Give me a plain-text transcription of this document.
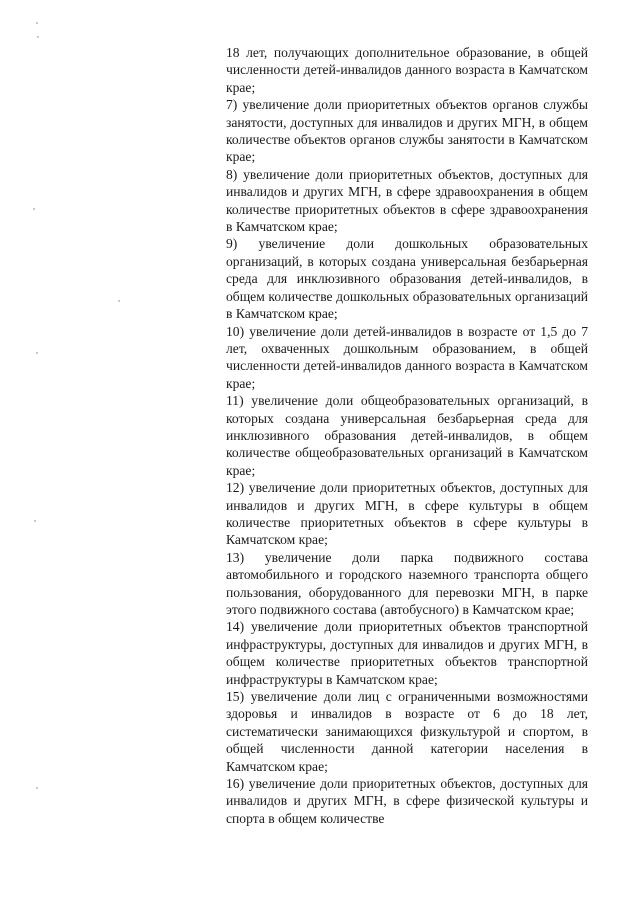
18 лет, получающих дополнительное образование, в общей численности детей-инвалидов данного возраста в Камчатском крае;

7) увеличение доли приоритетных объектов органов службы занятости, доступных для инвалидов и других МГН, в общем количестве объектов органов службы занятости в Камчатском крае;

8) увеличение доли приоритетных объектов, доступных для инвалидов и других МГН, в сфере здравоохранения в общем количестве приоритетных объектов в сфере здравоохранения в Камчатском крае;

9) увеличение доли дошкольных образовательных организаций, в которых создана универсальная безбарьерная среда для инклюзивного образования детей-инвалидов, в общем количестве дошкольных образовательных организаций в Камчатском крае;

10) увеличение доли детей-инвалидов в возрасте от 1,5 до 7 лет, охваченных дошкольным образованием, в общей численности детей-инвалидов данного возраста в Камчатском крае;

11) увеличение доли общеобразовательных организаций, в которых создана универсальная безбарьерная среда для инклюзивного образования детей-инвалидов, в общем количестве общеобразовательных организаций в Камчатском крае;

12) увеличение доли приоритетных объектов, доступных для инвалидов и других МГН, в сфере культуры в общем количестве приоритетных объектов в сфере культуры в Камчатском крае;

13) увеличение доли парка подвижного состава автомобильного и городского наземного транспорта общего пользования, оборудованного для перевозки МГН, в парке этого подвижного состава (автобусного) в Камчатском крае;

14) увеличение доли приоритетных объектов транспортной инфраструктуры, доступных для инвалидов и других МГН, в общем количестве приоритетных объектов транспортной инфраструктуры в Камчатском крае;

15) увеличение доли лиц с ограниченными возможностями здоровья и инвалидов в возрасте от 6 до 18 лет, систематически занимающихся физкультурой и спортом, в общей численности данной категории населения в Камчатском крае;

16) увеличение доли приоритетных объектов, доступных для инвалидов и других МГН, в сфере физической культуры и спорта в общем количестве
